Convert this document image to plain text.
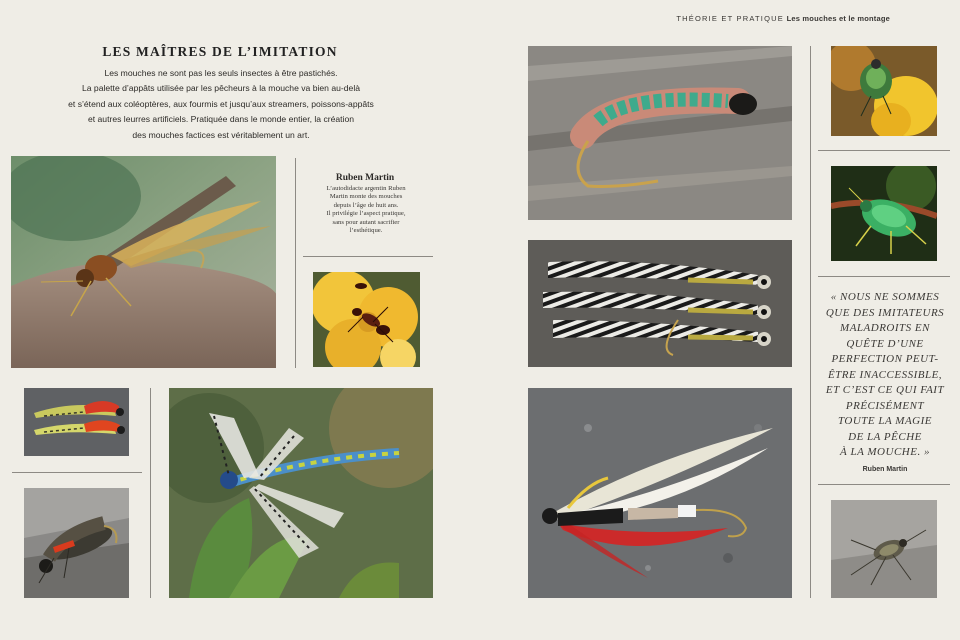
THÉORIE ET PRATIQUE Les mouches et le montage
LES MAÎTRES DE L’IMITATION
Les mouches ne sont pas les seuls insectes à être pastichés.
La palette d’appâts utilisée par les pêcheurs à la mouche va bien au-delà
et s’étend aux coléoptères, aux fourmis et jusqu’aux streamers, poissons-appâts
et autres leurres artificiels. Pratiquée dans le monde entier, la création
des mouches factices est véritablement un art.
Ruben Martin
L’autodidacte argentin Ruben
Martin monte des mouches
depuis l’âge de huit ans.
Il privilégie l’aspect pratique,
sans pour autant sacrifier
l’esthétique.
« NOUS NE SOMMES
QUE DES IMITATEURS
MALADROITS EN
QUÊTE D’UNE
PERFECTION PEUT-
ÊTRE INACCESSIBLE,
ET C’EST CE QUI FAIT
PRÉCISÉMENT
TOUTE LA MAGIE
DE LA PÊCHE
À LA MOUCHE. »
Ruben Martin
